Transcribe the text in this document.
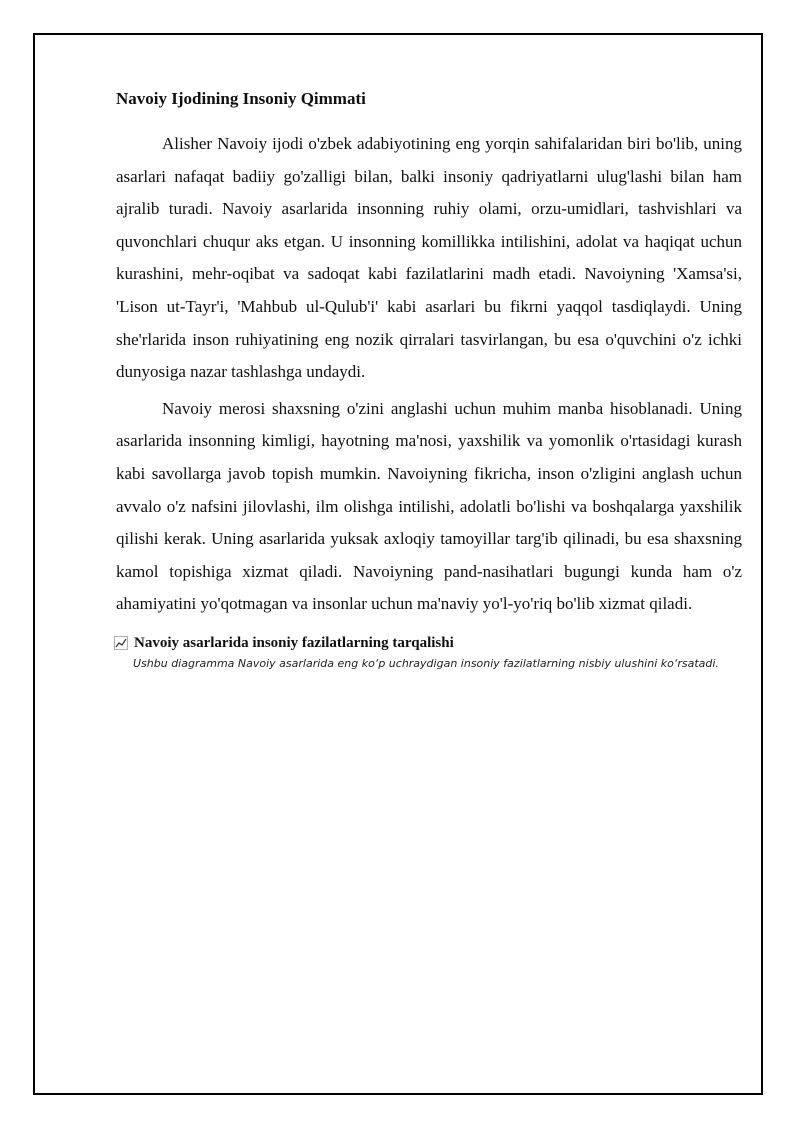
Navoiy Ijodining Insoniy Qimmati

Alisher Navoiy ijodi o'zbek adabiyotining eng yorqin sahifalaridan biri bo'lib, uning asarlari nafaqat badiiy go'zalligi bilan, balki insoniy qadriyatlarni ulug'lashi bilan ham ajralib turadi. Navoiy asarlarida insonning ruhiy olami, orzu-umidlari, tashvishlari va quvonchlari chuqur aks etgan. U insonning komillikka intilishini, adolat va haqiqat uchun kurashini, mehr-oqibat va sadoqat kabi fazilatlarini madh etadi. Navoiyning 'Xamsa'si, 'Lison ut-Tayr'i, 'Mahbub ul-Qulub'i' kabi asarlari bu fikrni yaqqol tasdiqlaydi. Uning she'rlarida inson ruhiyatining eng nozik qirralari tasvirlangan, bu esa o'quvchini o'z ichki dunyosiga nazar tashlashga undaydi.

Navoiy merosi shaxsning o'zini anglashi uchun muhim manba hisoblanadi. Uning asarlarida insonning kimligi, hayotning ma'nosi, yaxshilik va yomonlik o'rtasidagi kurash kabi savollarga javob topish mumkin. Navoiyning fikricha, inson o'zligini anglash uchun avvalo o'z nafsini jilovlashi, ilm olishga intilishi, adolatli bo'lishi va boshqalarga yaxshilik qilishi kerak. Uning asarlarida yuksak axloqiy tamoyillar targ'ib qilinadi, bu esa shaxsning kamol topishiga xizmat qiladi. Navoiyning pand-nasihatlari bugungi kunda ham o'z ahamiyatini yo'qotmagan va insonlar uchun ma'naviy yo'l-yo'riq bo'lib xizmat qiladi.

Navoiy asarlarida insoniy fazilatlarning tarqalishi
Ushbu diagramma Navoiy asarlarida eng ko‘p uchraydigan insoniy fazilatlarning nisbiy ulushini ko‘rsatadi.
